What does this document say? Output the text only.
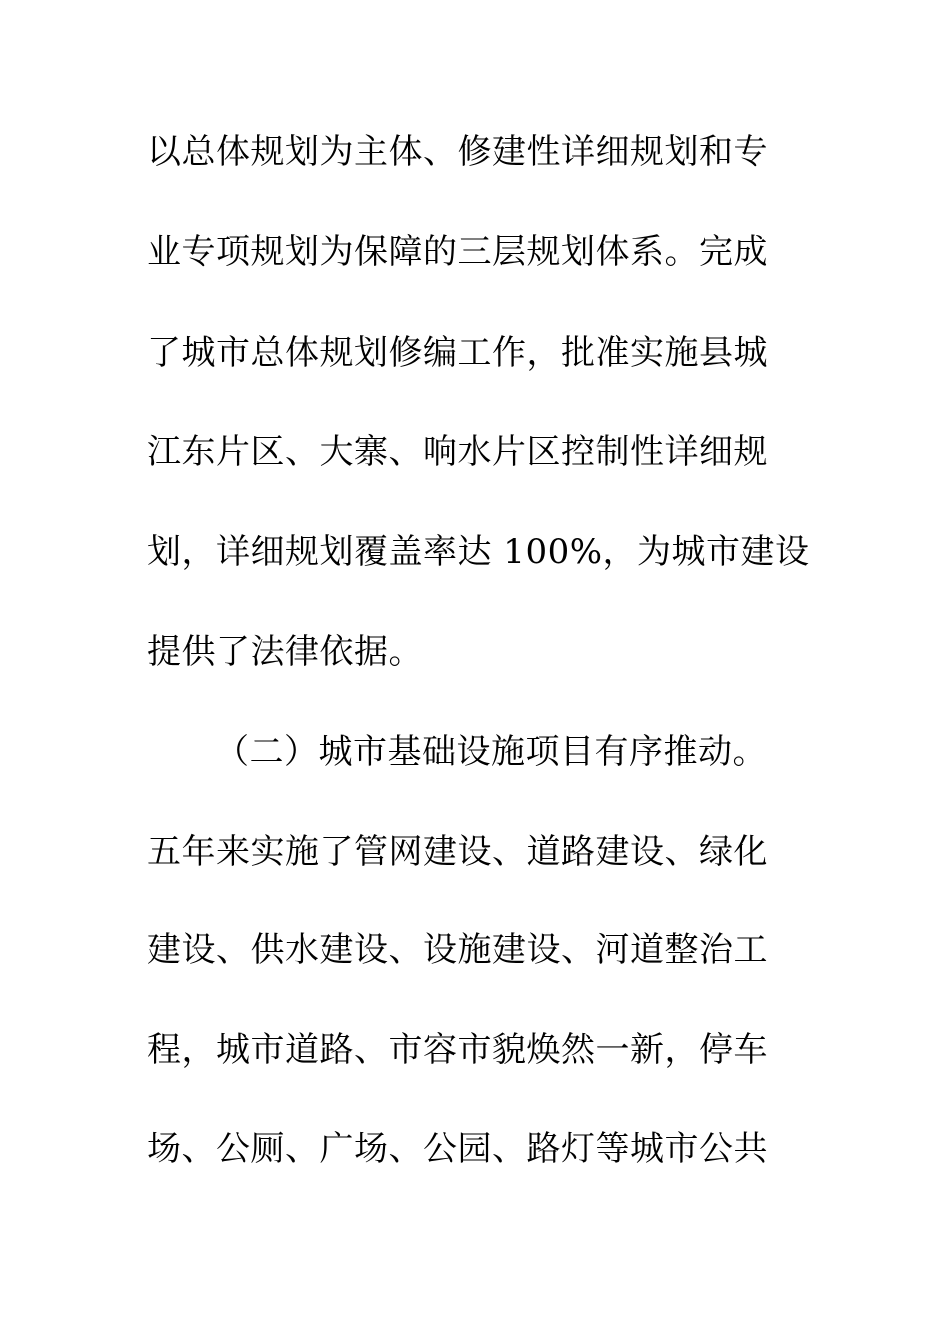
以总体规划为主体、修建性详细规划和专
业专项规划为保障的三层规划体系。完成
了城市总体规划修编工作，批准实施县城
江东片区、大寨、响水片区控制性详细规
划，详细规划覆盖率达 100%，为城市建设
提供了法律依据。
（二）城市基础设施项目有序推动。
五年来实施了管网建设、道路建设、绿化
建设、供水建设、设施建设、河道整治工
程，城市道路、市容市貌焕然一新，停车
场、公厕、广场、公园、路灯等城市公共
